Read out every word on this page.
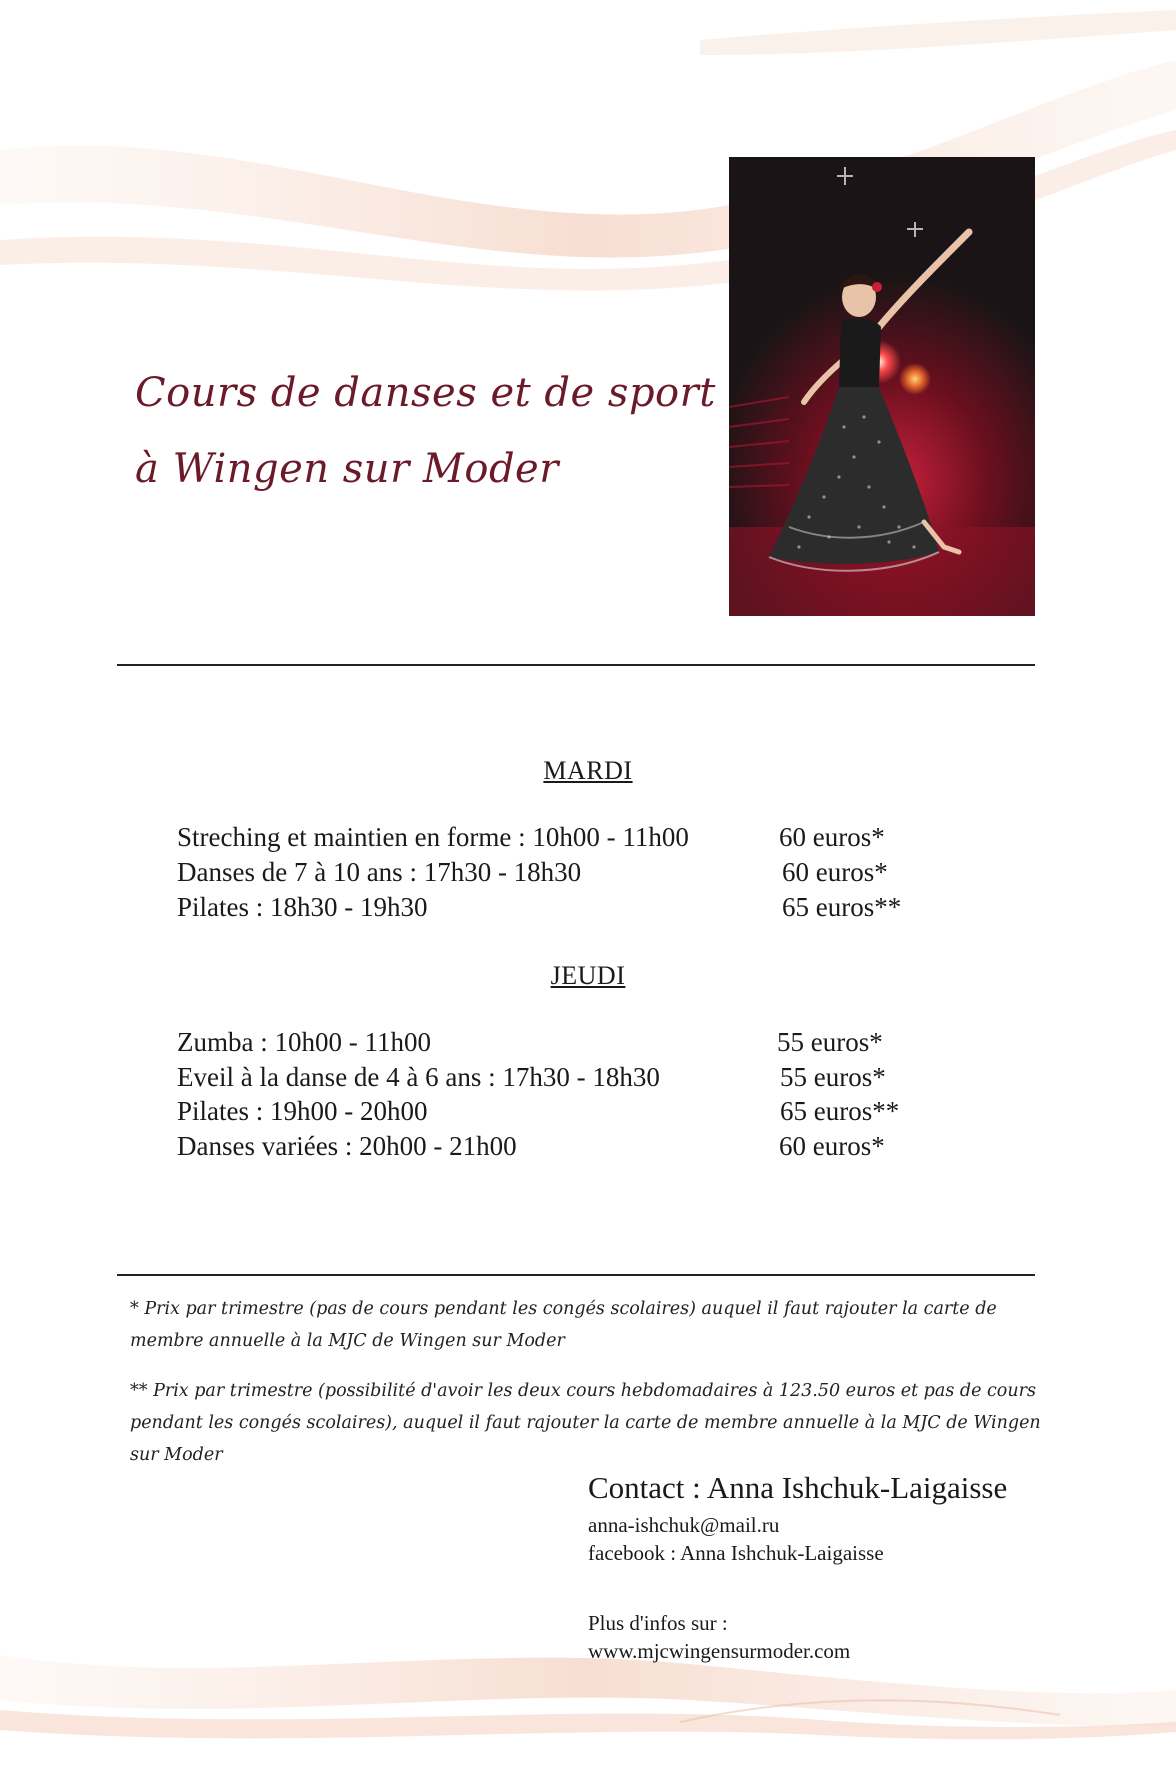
Cours de danses et de sport
à Wingen sur Moder
MARDI
Streching et maintien en forme : 10h00 - 11h00	60 euros*
Danses de 7 à 10 ans : 17h30 - 18h30	60 euros*
Pilates : 18h30 - 19h30	65 euros**
JEUDI
Zumba : 10h00 - 11h00	55 euros*
Eveil à la danse de 4 à 6 ans : 17h30 - 18h30	55 euros*
Pilates : 19h00 - 20h00	65 euros**
Danses variées : 20h00 - 21h00	60 euros*

* Prix par trimestre (pas de cours pendant les congés scolaires) auquel il faut rajouter la carte de membre annuelle à la MJC de Wingen sur Moder

** Prix par trimestre (possibilité d'avoir les deux cours hebdomadaires à 123.50 euros et pas de cours pendant les congés scolaires), auquel il faut rajouter la carte de membre annuelle à la MJC de Wingen sur Moder

Contact : Anna Ishchuk-Laigaisse
anna-ishchuk@mail.ru
facebook : Anna Ishchuk-Laigaisse
Plus d'infos sur :
www.mjcwingensurmoder.com
